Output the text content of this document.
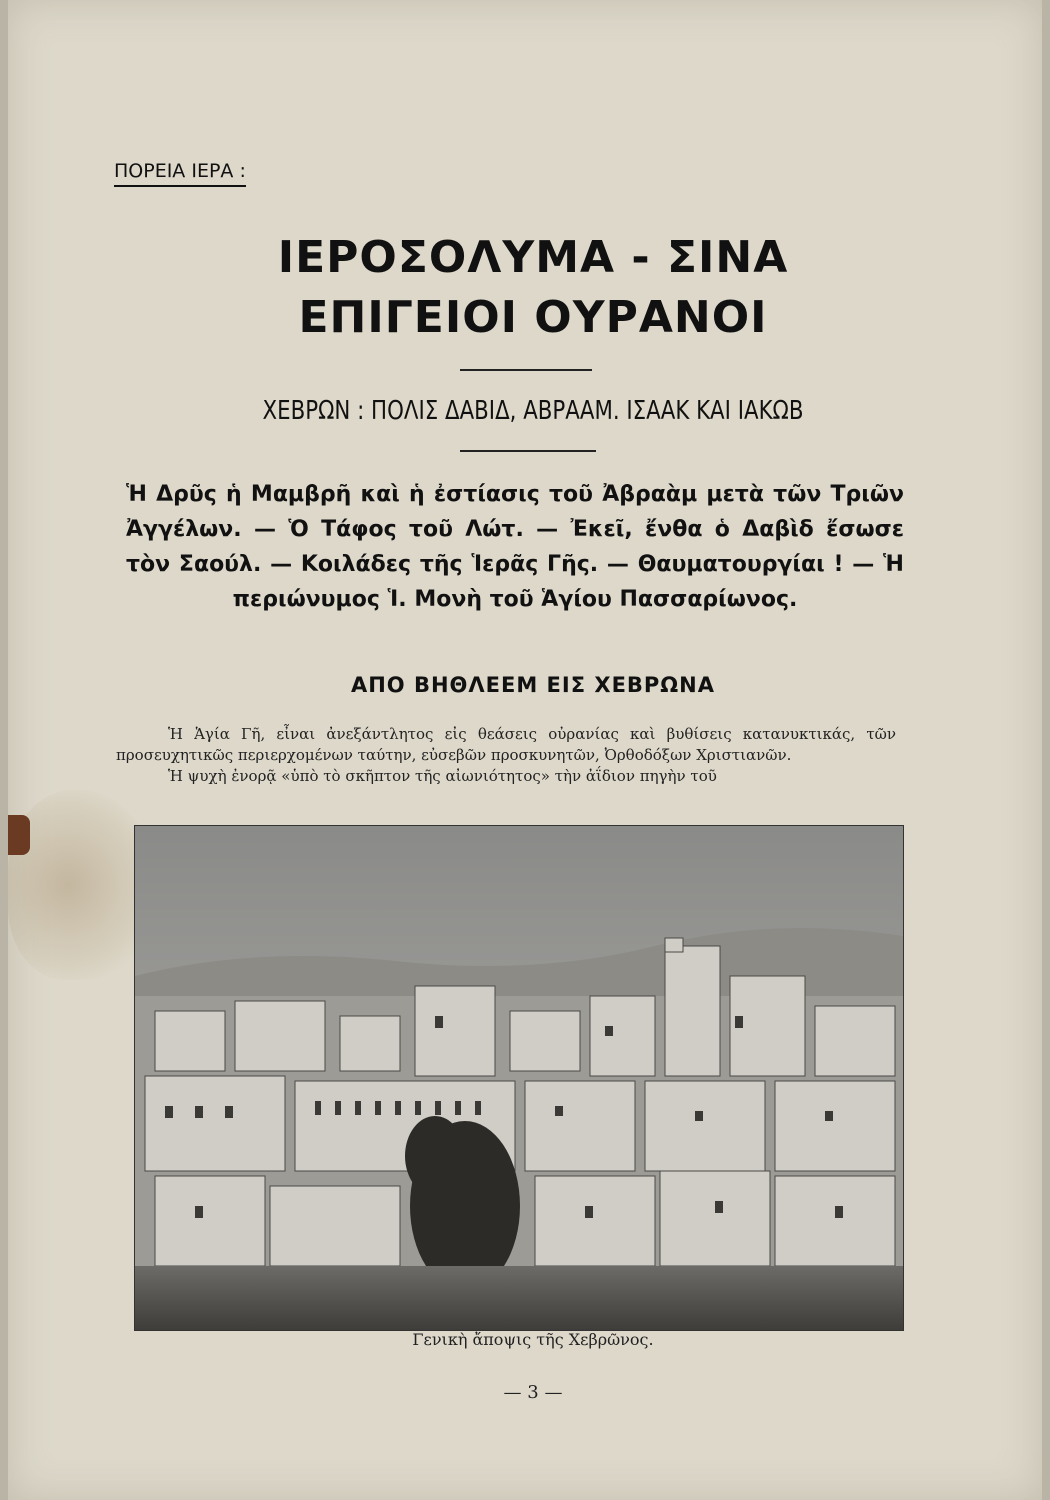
ΠΟΡΕΙΑ ΙΕΡΑ :
ΙΕΡΟΣΟΛΥΜΑ - ΣΙΝΑ
ΕΠΙΓΕΙΟΙ ΟΥΡΑΝΟΙ
ΧΕΒΡΩΝ : ΠΟΛΙΣ ΔΑΒΙΔ, ΑΒΡΑΑΜ. ΙΣΑΑΚ ΚΑΙ ΙΑΚΩΒ
Ἡ Δρῦς ἡ Μαμβρῆ καὶ ἡ ἐστίασις τοῦ Ἀβραὰμ μετὰ τῶν Τριῶν Ἀγγέλων. — Ὁ Τάφος τοῦ Λώτ. — Ἐκεῖ, ἔνθα ὁ Δαβὶδ ἔσωσε τὸν Σαούλ. — Κοιλάδες τῆς Ἱερᾶς Γῆς. — Θαυματουργίαι ! — Ἡ περιώνυμος Ἱ. Μονὴ τοῦ Ἁγίου Πασσαρίωνος.
ΑΠΟ ΒΗΘΛΕΕΜ ΕΙΣ ΧΕΒΡΩΝΑ

Ἡ Ἁγία Γῆ, εἶναι ἀνεξάντλητος εἰς θεάσεις οὐρανίας καὶ βυθίσεις κατανυκτικάς, τῶν προσευχητικῶς περιερχομένων ταύτην, εὐσεβῶν προσκυνητῶν, Ὀρθοδόξων Χριστιανῶν.

Ἡ ψυχὴ ἐνορᾷ «ὑπὸ τὸ σκῆπτον τῆς αἰωνιότητος» τὴν ἀΐδιον πηγὴν τοῦ

Γενικὴ ἄποψις τῆς Χεβρῶνος.
— 3 —
